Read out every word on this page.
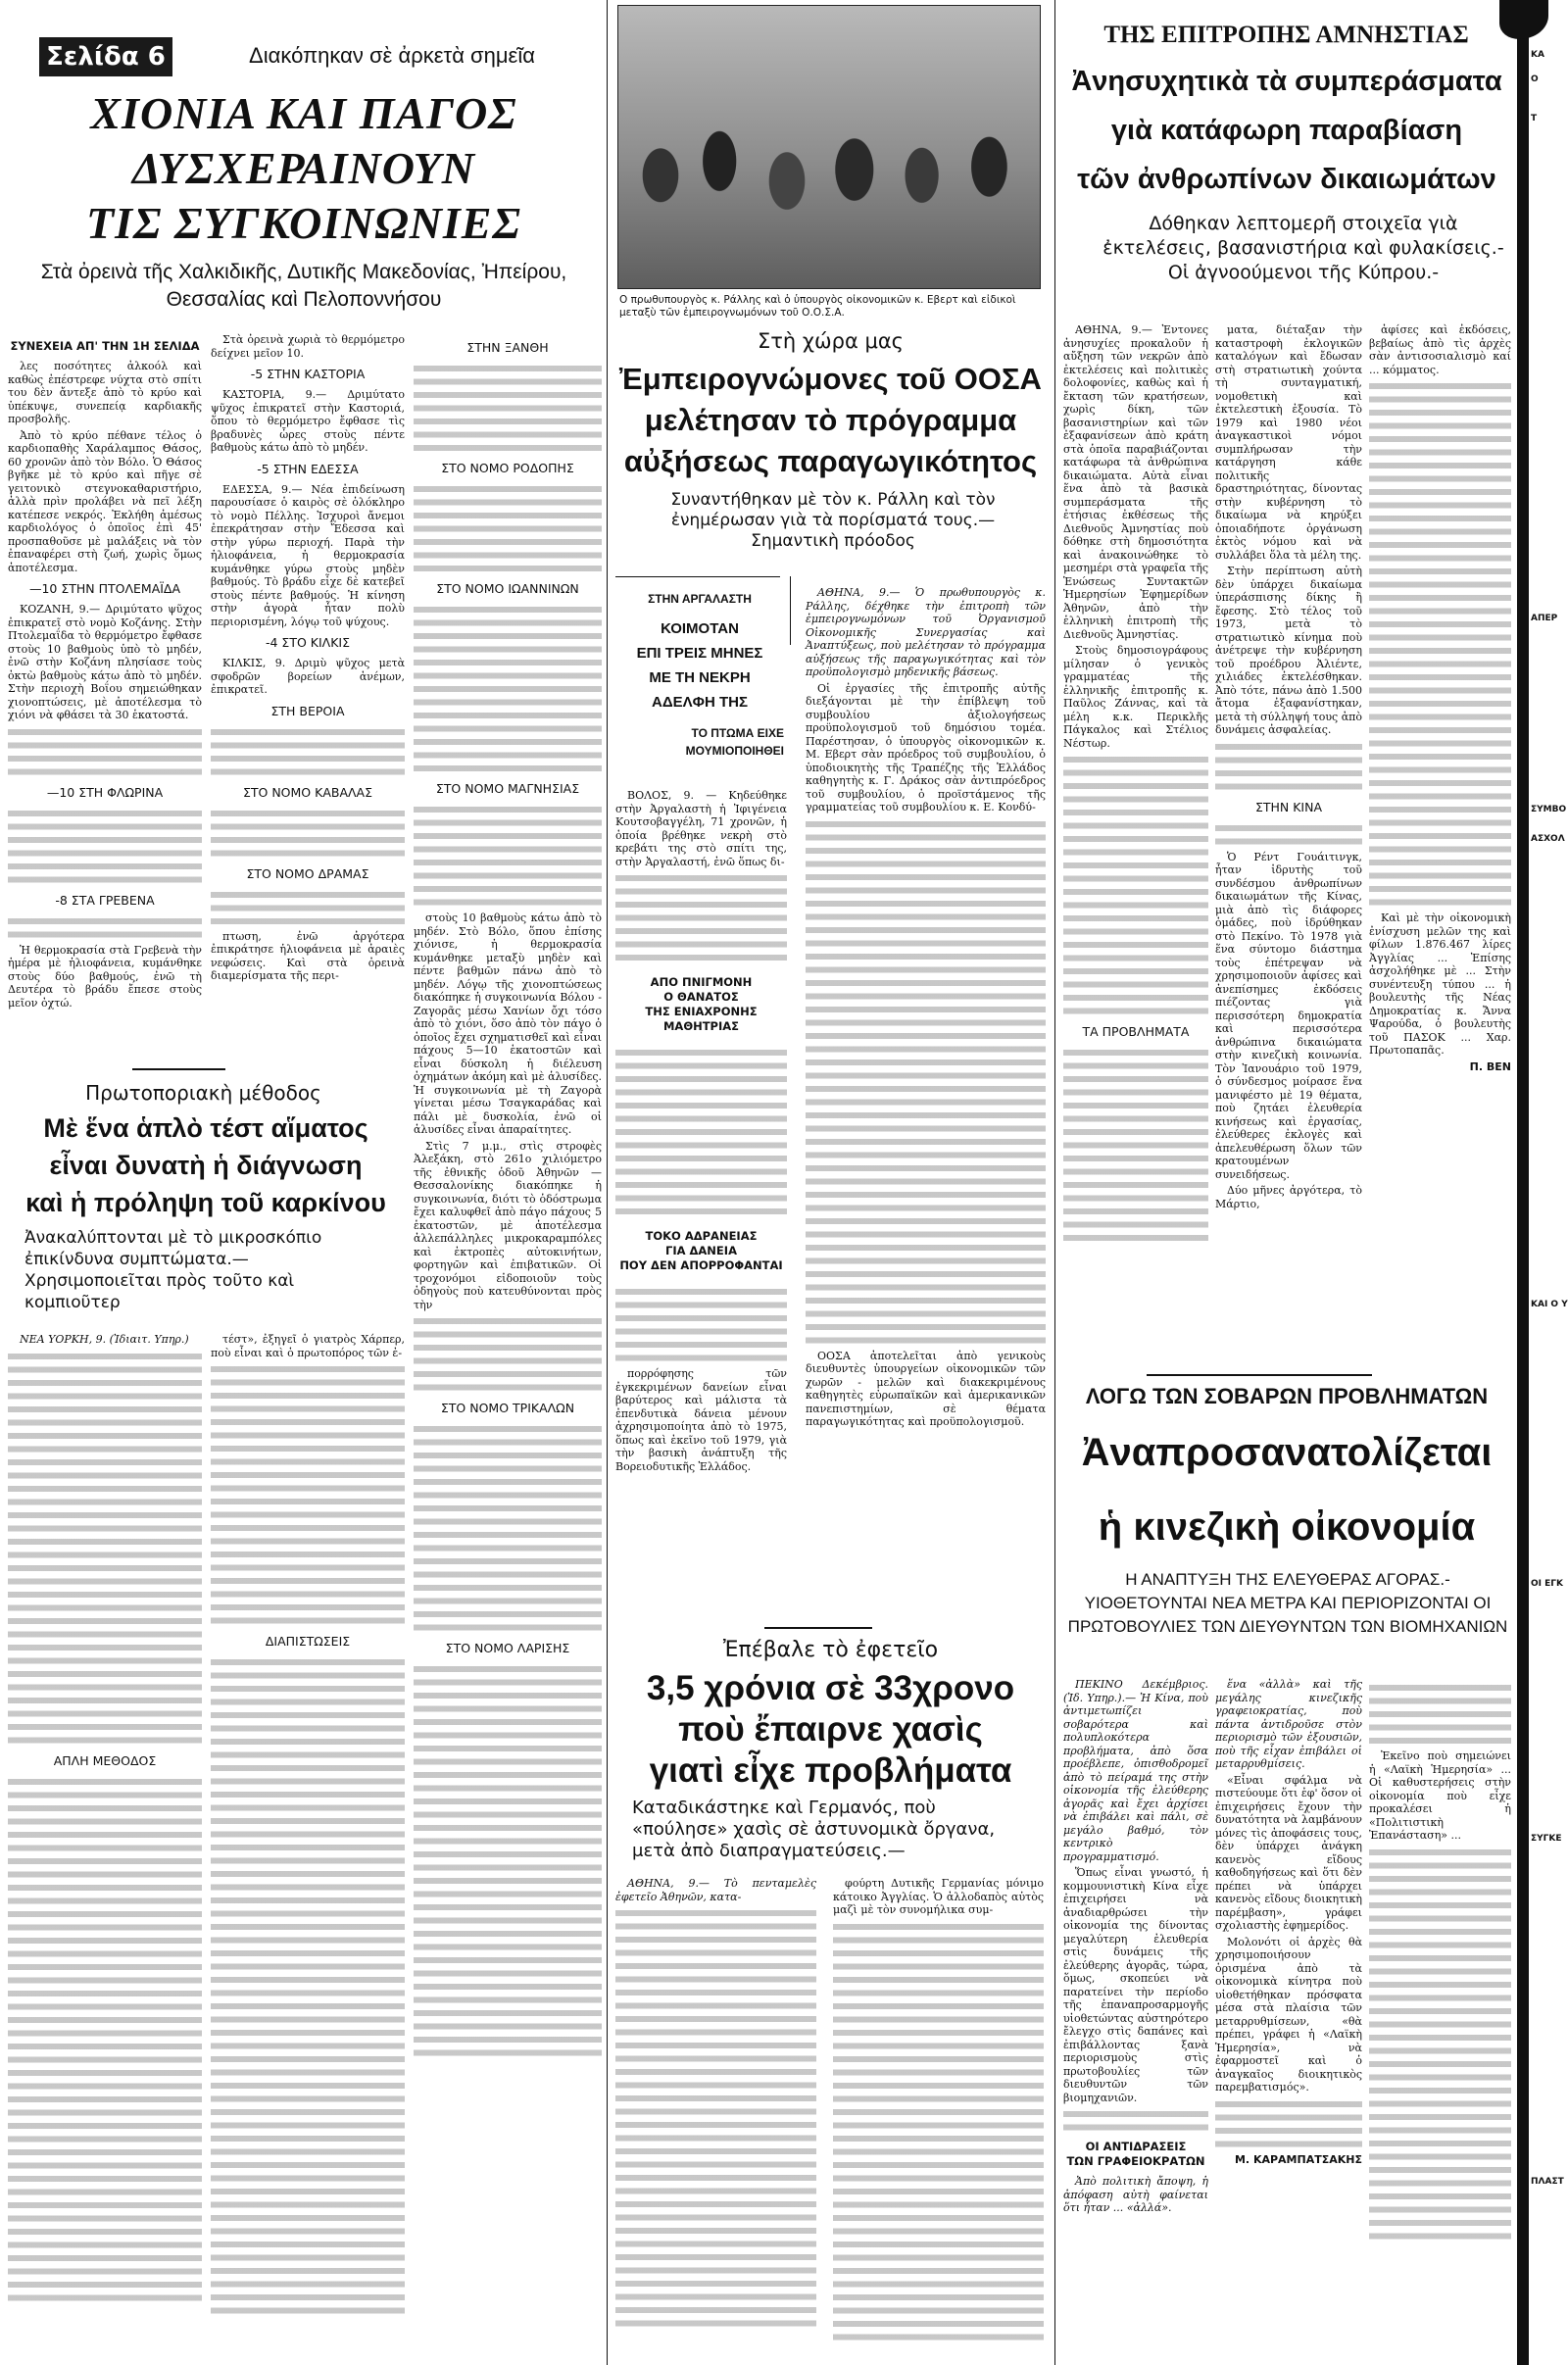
Σελίδα 6	Διακόπηκαν σὲ ἀρκετὰ σημεῖα
ΧΙΟΝΙΑ ΚΑΙ ΠΑΓΟΣ
ΔΥΣΧΕΡΑΙΝΟΥΝ
ΤΙΣ ΣΥΓΚΟΙΝΩΝΙΕΣ
Στὰ ὀρεινὰ τῆς Χαλκιδικῆς, Δυτικῆς Μακεδονίας, Ἠπείρου, Θεσσαλίας καὶ Πελοποννήσου

ΣΥΝΕΧΕΙΑ ΑΠ' ΤΗΝ 1Η ΣΕΛΙΔΑ

λες ποσότητες ἀλκοόλ καὶ καθὼς ἐπέστρεφε νύχτα στὸ σπίτι του δὲν ἄντεξε ἀπὸ τὸ κρύο καὶ ὑπέκυψε, συνεπείᾳ καρδιακῆς προσβολῆς.

Ἀπὸ τὸ κρύο πέθανε τέλος ὁ καρδιοπαθὴς Χαράλαμπος Θάσος, 60 χρονῶν ἀπὸ τὸν Βόλο. Ὁ Θάσος βγῆκε μὲ τὸ κρύο καὶ πῆγε σὲ γειτονικὸ στεγνοκαθαριστήριο, ἀλλὰ πρὶν προλάβει νὰ πεῖ λέξη κατέπεσε νεκρός. Ἐκλήθη ἀμέσως καρδιολόγος ὁ ὁποῖος ἐπὶ 45' προσπαθοῦσε μὲ μαλάξεις νὰ τὸν ἐπαναφέρει στὴ ζωή, χωρὶς ὅμως ἀποτέλεσμα.

—10 ΣΤΗΝ ΠΤΟΛΕΜΑΪΔΑ

ΚΟΖΑΝΗ, 9.— Δριμύτατο ψῦχος ἐπικρατεῖ στὸ νομὸ Κοζάνης. Στὴν Πτολεμαΐδα τὸ θερμόμετρο ἔφθασε στοὺς 10 βαθμοὺς ὑπὸ τὸ μηδέν, ἐνῶ στὴν Κοζάνη πλησίασε τοὺς ὀκτὼ βαθμοὺς κάτω ἀπὸ τὸ μηδέν. Στὴν περιοχὴ Βοΐου σημειώθηκαν χιονοπτώσεις, μὲ ἀποτέλεσμα τὸ χιόνι νὰ φθάσει τὰ 30 ἑκατοστά.

—10 ΣΤΗ ΦΛΩΡΙΝΑ

-8 ΣΤΑ ΓΡΕΒΕΝΑ

Ἡ θερμοκρασία στὰ Γρεβενὰ τὴν ἡμέρα μὲ ἡλιοφάνεια, κυμάνθηκε στοὺς δύο βαθμούς, ἐνῶ τὴ Δευτέρα τὸ βράδυ ἔπεσε στοὺς μεῖον ὀχτώ.

Στὰ ὀρεινὰ χωριὰ τὸ θερμόμετρο δείχνει μεῖον 10.

-5 ΣΤΗΝ ΚΑΣΤΟΡΙΑ

ΚΑΣΤΟΡΙΑ, 9.— Δριμύτατο ψῦχος ἐπικρατεῖ στὴν Καστοριά, ὅπου τὸ θερμόμετρο ἔφθασε τὶς βραδυνὲς ὧρες στοὺς πέντε βαθμοὺς κάτω ἀπὸ τὸ μηδέν.

-5 ΣΤΗΝ ΕΔΕΣΣΑ

ΕΔΕΣΣΑ, 9.— Νέα ἐπιδείνωση παρουσίασε ὁ καιρὸς σὲ ὁλόκληρο τὸ νομὸ Πέλλης. Ἰσχυροὶ ἄνεμοι ἐπεκράτησαν στὴν Ἔδεσσα καὶ στὴν γύρω περιοχή. Παρὰ τὴν ἡλιοφάνεια, ἡ θερμοκρασία κυμάνθηκε γύρω στοὺς μηδὲν βαθμούς. Τὸ βράδυ εἶχε δὲ κατεβεῖ στοὺς πέντε βαθμούς. Ἡ κίνηση στὴν ἀγορὰ ἦταν πολὺ περιορισμένη, λόγῳ τοῦ ψύχους.

-4 ΣΤΟ ΚΙΛΚΙΣ

ΚΙΛΚΙΣ, 9. Δριμὺ ψῦχος μετὰ σφοδρῶν βορείων ἀνέμων, ἐπικρατεῖ.

ΣΤΗ ΒΕΡΟΙΑ

ΣΤΟ ΝΟΜΟ ΚΑΒΑΛΑΣ

ΣΤΟ ΝΟΜΟ ΔΡΑΜΑΣ

πτωση, ἐνῶ ἀργότερα ἐπικράτησε ἡλιοφάνεια μὲ ἀραιὲς νεφώσεις. Καὶ στὰ ὀρεινὰ διαμερίσματα τῆς περι-

ΣΤΗΝ ΞΑΝΘΗ

ΣΤΟ ΝΟΜΟ ΡΟΔΟΠΗΣ

ΣΤΟ ΝΟΜΟ ΙΩΑΝΝΙΝΩΝ

ΣΤΟ ΝΟΜΟ ΜΑΓΝΗΣΙΑΣ

στοὺς 10 βαθμοὺς κάτω ἀπὸ τὸ μηδέν. Στὸ Βόλο, ὅπου ἐπίσης χιόνισε, ἡ θερμοκρασία κυμάνθηκε μεταξὺ μηδὲν καὶ πέντε βαθμῶν πάνω ἀπὸ τὸ μηδέν. Λόγῳ τῆς χιονοπτώσεως διακόπηκε ἡ συγκοινωνία Βόλου - Ζαγορᾶς μέσω Χανίων ὄχι τόσο ἀπὸ τὸ χιόνι, ὅσο ἀπὸ τὸν πάγο ὁ ὁποῖος ἔχει σχηματισθεῖ καὶ εἶναι πάχους 5—10 ἑκατοστῶν καὶ εἶναι δύσκολη ἡ διέλευση ὀχημάτων ἀκόμη καὶ μὲ ἁλυσίδες. Ἡ συγκοινωνία μὲ τὴ Ζαγορὰ γίνεται μέσω Τσαγκαράδας καὶ πάλι μὲ δυσκολία, ἐνῶ οἱ ἁλυσίδες εἶναι ἀπαραίτητες.

Στὶς 7 μ.μ., στὶς στροφὲς Ἀλεξάκη, στὸ 261ο χιλιόμετρο τῆς ἐθνικῆς ὁδοῦ Ἀθηνῶν — Θεσσαλονίκης διακόπηκε ἡ συγκοινωνία, διότι τὸ ὁδόστρωμα ἔχει καλυφθεῖ ἀπὸ πάγο πάχους 5 ἑκατοστῶν, μὲ ἀποτέλεσμα ἀλλεπάλληλες μικροκαραμπόλες καὶ ἐκτροπὲς αὐτοκινήτων, φορτηγῶν καὶ ἐπιβατικῶν. Οἱ τροχονόμοι εἰδοποιοῦν τοὺς ὁδηγοὺς ποὺ κατευθύνονται πρὸς τὴν

ΣΤΟ ΝΟΜΟ ΤΡΙΚΑΛΩΝ

ΣΤΟ ΝΟΜΟ ΛΑΡΙΣΗΣ

Πρωτοποριακὴ μέθοδος
Μὲ ἕνα ἁπλὸ τέστ αἵματος
εἶναι δυνατὴ ἡ διάγνωση
καὶ ἡ πρόληψη τοῦ καρκίνου
Ἀνακαλύπτονται μὲ τὸ μικροσκόπιο ἐπικίνδυνα συμπτώματα.— Χρησιμοποιεῖται πρὸς τοῦτο καὶ κομπιοῦτερ

ΝΕΑ ΥΟΡΚΗ, 9. (Ἰδιαιτ. Υπηρ.)

ΑΠΛΗ ΜΕΘΟΔΟΣ

τέστ», ἐξηγεῖ ὁ γιατρὸς Χάρπερ, ποὺ εἶναι καὶ ὁ πρωτοπόρος τῶν ἐ-

ΔΙΑΠΙΣΤΩΣΕΙΣ

Ο πρωθυπουργὸς κ. Ράλλης καὶ ὁ ὑπουργὸς οἰκονομικῶν κ. Εβερτ καὶ εἰδικοὶ μεταξὺ τῶν ἐμπειρογνωμόνων τοῦ Ο.Ο.Σ.Α.
Στὴ χώρα μας
Ἐμπειρογνώμονες τοῦ ΟΟΣΑ
μελέτησαν τὸ πρόγραμμα
αὐξήσεως παραγωγικότητος
Συναντήθηκαν μὲ τὸν κ. Ράλλη καὶ τὸν ἐνημέρωσαν γιὰ τὰ πορίσματά τους.— Σημαντικὴ πρόοδος
ΣΤΗΝ ΑΡΓΑΛΑΣΤΗ
ΚΟΙΜΟΤΑΝ
ΕΠΙ ΤΡΕΙΣ ΜΗΝΕΣ
ΜΕ ΤΗ ΝΕΚΡΗ
ΑΔΕΛΦΗ ΤΗΣ
ΤΟ ΠΤΩΜΑ ΕΙΧΕ
ΜΟΥΜΙΟΠΟΙΗΘΕΙ

ΒΟΛΟΣ, 9. — Κηδεύθηκε στὴν Ἀργαλαστὴ ἡ Ἰφιγένεια Κουτσοβαγγέλη, 71 χρονῶν, ἡ ὁποία βρέθηκε νεκρὴ στὸ κρεβάτι της στὸ σπίτι της, στὴν Ἀργαλαστή, ἐνῶ ὅπως δι-

ΑΠΟ ΠΝΙΓΜΟΝΗ
Ο ΘΑΝΑΤΟΣ
ΤΗΣ ΕΝΙΑΧΡΟΝΗΣ
ΜΑΘΗΤΡΙΑΣ
ΤΟΚΟ ΑΔΡΑΝΕΙΑΣ
ΓΙΑ ΔΑΝΕΙΑ
ΠΟΥ ΔΕΝ ΑΠΟΡΡΟΦΑΝΤΑΙ

πορρόφησης τῶν ἐγκεκριμένων δανείων εἶναι βαρύτερος καὶ μάλιστα τὰ ἐπενδυτικὰ δάνεια μένουν ἀχρησιμοποίητα ἀπὸ τὸ 1975, ὅπως καὶ ἐκεῖνο τοῦ 1979, γιὰ τὴν βασικὴ ἀνάπτυξη τῆς Βορειοδυτικῆς Ἑλλάδος.

ΑΘΗΝΑ, 9.— Ὁ πρωθυπουργὸς κ. Ράλλης, δέχθηκε τὴν ἐπιτροπὴ τῶν ἐμπειρογνωμόνων τοῦ Ὀργανισμοῦ Οἰκονομικῆς Συνεργασίας καὶ Ἀναπτύξεως, ποὺ μελέτησαν τὸ πρόγραμμα αὐξήσεως τῆς παραγωγικότητας καὶ τὸν προϋπολογισμὸ μηδενικῆς βάσεως.

Οἱ ἐργασίες τῆς ἐπιτροπῆς αὐτῆς διεξάγονται μὲ τὴν ἐπίβλεψη τοῦ συμβουλίου ἀξιολογήσεως προϋπολογισμοῦ τοῦ δημόσιου τομέα. Παρέστησαν, ὁ ὑπουργὸς οἰκονομικῶν κ. Μ. Εβερτ σὰν πρόεδρος τοῦ συμβουλίου, ὁ ὑποδιοικητὴς τῆς Τραπέζης τῆς Ἑλλάδος καθηγητὴς κ. Γ. Δράκος σὰν ἀντιπρόεδρος τοῦ συμβουλίου, ὁ προϊστάμενος τῆς γραμματείας τοῦ συμβουλίου κ. Ε. Κονδύ-

ΟΟΣΑ ἀποτελεῖται ἀπὸ γενικοὺς διευθυντὲς ὑπουργείων οἰκονομικῶν τῶν χωρῶν - μελῶν καὶ διακεκριμένους καθηγητὲς εὐρωπαϊκῶν καὶ ἀμερικανικῶν πανεπιστημίων, σὲ θέματα παραγωγικότητας καὶ προϋπολογισμοῦ.

Ἐπέβαλε τὸ ἐφετεῖο
3,5 χρόνια σὲ 33χρονο
ποὺ ἔπαιρνε χασὶς
γιατὶ εἶχε προβλήματα
Καταδικάστηκε καὶ Γερμανός, ποὺ «πούλησε» χασὶς σὲ ἀστυνομικὰ ὄργανα, μετὰ ἀπὸ διαπραγματεύσεις.—

ΑΘΗΝΑ, 9.— Τὸ πενταμελὲς ἐφετεῖο Ἀθηνῶν, κατα-

φούρτη Δυτικῆς Γερμανίας μόνιμο κάτοικο Ἀγγλίας. Ὁ ἀλλοδαπὸς αὐτὸς μαζὶ μὲ τὸν συνομήλικα συμ-

ΤΗΣ ΕΠΙΤΡΟΠΗΣ ΑΜΝΗΣΤΙΑΣ
Ἀνησυχητικὰ τὰ συμπεράσματα
γιὰ κατάφωρη παραβίαση
τῶν ἀνθρωπίνων δικαιωμάτων
Δόθηκαν λεπτομερῆ στοιχεῖα γιὰ ἐκτελέσεις, βασανιστήρια καὶ φυλακίσεις.- Οἱ ἀγνοούμενοι τῆς Κύπρου.-

ΑΘΗΝΑ, 9.— Ἐντονες ἀνησυχίες προκαλοῦν ἡ αὔξηση τῶν νεκρῶν ἀπὸ ἐκτελέσεις καὶ πολιτικὲς δολοφονίες, καθὼς καὶ ἡ ἔκταση τῶν κρατήσεων, χωρὶς δίκη, τῶν βασανιστηρίων καὶ τῶν ἐξαφανίσεων ἀπὸ κράτη στὰ ὁποῖα παραβιάζονται κατάφωρα τὰ ἀνθρώπινα δικαιώματα. Αὐτὰ εἶναι ἕνα ἀπὸ τὰ βασικὰ συμπεράσματα τῆς ἐτήσιας ἐκθέσεως τῆς Διεθνοῦς Ἀμνηστίας ποὺ δόθηκε στὴ δημοσιότητα καὶ ἀνακοινώθηκε τὸ μεσημέρι στὰ γραφεῖα τῆς Ἑνώσεως Συντακτῶν Ἡμερησίων Ἐφημερίδων Ἀθηνῶν, ἀπὸ τὴν ἑλληνικὴ ἐπιτροπὴ τῆς Διεθνοῦς Ἀμνηστίας.

Στοὺς δημοσιογράφους μίλησαν ὁ γενικὸς γραμματέας τῆς ἑλληνικῆς ἐπιτροπῆς κ. Παῦλος Ζάννας, καὶ τὰ μέλη κ.κ. Περικλῆς Πάγκαλος καὶ Στέλιος Νέστωρ.

ΤΑ ΠΡΟΒΛΗΜΑΤΑ

ματα, διέταξαν τὴν καταστροφὴ ἐκλογικῶν καταλόγων καὶ ἔδωσαν στὴ στρατιωτικὴ χούντα τὴ συνταγματική, νομοθετικὴ καὶ ἐκτελεστικὴ ἐξουσία. Τὸ 1979 καὶ 1980 νέοι ἀναγκαστικοὶ νόμοι συμπλήρωσαν τὴν κατάργηση κάθε πολιτικῆς δραστηριότητας, δίνοντας στὴν κυβέρνηση τὸ δικαίωμα νὰ κηρύξει ὁποιαδήποτε ὀργάνωση ἐκτὸς νόμου καὶ νὰ συλλάβει ὅλα τὰ μέλη της.

Στὴν περίπτωση αὐτὴ δὲν ὑπάρχει δικαίωμα ὑπεράσπισης δίκης ἢ ἔφεσης. Στὸ τέλος τοῦ 1973, μετὰ τὸ στρατιωτικὸ κίνημα ποὺ ἀνέτρεψε τὴν κυβέρνηση τοῦ προέδρου Ἀλιέντε, χιλιάδες ἐκτελέσθηκαν. Ἀπὸ τότε, πάνω ἀπὸ 1.500 ἄτομα ἐξαφανίστηκαν, μετὰ τὴ σύλληψή τους ἀπὸ δυνάμεις ἀσφαλείας.

ΣΤΗΝ ΚΙΝΑ

Ὁ Ρέντ Γουάιτινγκ, ἦταν ἱδρυτὴς τοῦ συνδέσμου ἀνθρωπίνων δικαιωμάτων τῆς Κίνας, μιὰ ἀπὸ τὶς διάφορες ὁμάδες, ποὺ ἱδρύθηκαν στὸ Πεκίνο. Τὸ 1978 γιὰ ἕνα σύντομο διάστημα τοὺς ἐπέτρεψαν νὰ χρησιμοποιοῦν ἀφίσες καὶ ἀνεπίσημες ἐκδόσεις πιέζοντας γιὰ περισσότερη δημοκρατία καὶ περισσότερα ἀνθρώπινα δικαιώματα στὴν κινεζικὴ κοινωνία. Τὸν Ἰανουάριο τοῦ 1979, ὁ σύνδεσμος μοίρασε ἕνα μανιφέστο μὲ 19 θέματα, ποὺ ζητάει ἐλευθερία κινήσεως καὶ ἐργασίας, ἐλεύθερες ἐκλογὲς καὶ ἀπελευθέρωση ὅλων τῶν κρατουμένων συνειδήσεως.

Δύο μῆνες ἀργότερα, τὸ Μάρτιο,

ἀφίσες καὶ ἐκδόσεις, βεβαίως ἀπὸ τὶς ἀρχὲς σὰν ἀντισοσιαλισμὸ καί ... κόμματος.

Καὶ μὲ τὴν οἰκονομικὴ ἐνίσχυση μελῶν της καὶ φίλων 1.876.467 λίρες Ἀγγλίας ... Ἐπίσης ἀσχολήθηκε μὲ ... Στὴν συνέντευξη τύπου ... ἡ βουλευτὴς τῆς Νέας Δημοκρατίας κ. Ἄννα Ψαρούδα, ὁ βουλευτὴς τοῦ ΠΑΣΟΚ ... Χαρ. Πρωτοπαπᾶς.

Π. ΒΕΝ
ΛΟΓΩ ΤΩΝ ΣΟΒΑΡΩΝ ΠΡΟΒΛΗΜΑΤΩΝ
Ἀναπροσανατολίζεται
ἡ κινεζικὴ οἰκονομία
Η ΑΝΑΠΤΥΞΗ ΤΗΣ ΕΛΕΥΘΕΡΑΣ ΑΓΟΡΑΣ.- ΥΙΟΘΕΤΟΥΝΤΑΙ ΝΕΑ ΜΕΤΡΑ ΚΑΙ ΠΕΡΙΟΡΙΖΟΝΤΑΙ ΟΙ ΠΡΩΤΟΒΟΥΛΙΕΣ ΤΩΝ ΔΙΕΥΘΥΝΤΩΝ ΤΩΝ ΒΙΟΜΗΧΑΝΙΩΝ

ΠΕΚΙΝΟ Δεκέμβριος. (Ἰδ. Υπηρ.).— Ἡ Κίνα, ποὺ ἀντιμετωπίζει σοβαρότερα καὶ πολυπλοκότερα προβλήματα, ἀπὸ ὅσα προέβλεπε, ὀπισθοδρομεῖ ἀπὸ τὸ πείραμά της στὴν οἰκονομία τῆς ἐλεύθερης ἀγορᾶς καὶ ἔχει ἀρχίσει νὰ ἐπιβάλει καὶ πάλι, σὲ μεγάλο βαθμό, τὸν κεντρικὸ προγραμματισμό.

Ὅπως εἶναι γνωστό, ἡ κομμουνιστικὴ Κίνα εἶχε ἐπιχειρήσει νὰ ἀναδιαρθρώσει τὴν οἰκονομία της δίνοντας μεγαλύτερη ἐλευθερία στὶς δυνάμεις τῆς ἐλεύθερης ἀγορᾶς, τώρα, ὅμως, σκοπεύει νὰ παρατείνει τὴν περίοδο τῆς ἐπαναπροσαρμογῆς υἱοθετώντας αὐστηρότερο ἔλεγχο στὶς δαπάνες καὶ ἐπιβάλλοντας ξανὰ περιορισμοὺς στὶς πρωτοβουλίες τῶν διευθυντῶν τῶν βιομηχανιῶν.

ΟΙ ΑΝΤΙΔΡΑΣΕΙΣ
ΤΩΝ ΓΡΑΦΕΙΟΚΡΑΤΩΝ

Ἀπὸ πολιτικὴ ἄποψη, ἡ ἀπόφαση αὐτὴ φαίνεται ὅτι ἦταν ... «ἀλλά».

ἕνα «ἀλλὰ» καὶ τῆς μεγάλης κινεζικῆς γραφειοκρατίας, ποὺ πάντα ἀντιδροῦσε στὸν περιορισμὸ τῶν ἐξουσιῶν, ποὺ τῆς εἶχαν ἐπιβάλει οἱ μεταρρυθμίσεις.

«Εἶναι σφάλμα νὰ πιστεύουμε ὅτι ἐφ' ὅσον οἱ ἐπιχειρήσεις ἔχουν τὴν δυνατότητα νὰ λαμβάνουν μόνες τὶς ἀποφάσεις τους, δὲν ὑπάρχει ἀνάγκη κανενὸς εἴδους καθοδηγήσεως καὶ ὅτι δὲν πρέπει νὰ ὑπάρχει κανενὸς εἴδους διοικητικὴ παρέμβαση», γράφει σχολιαστὴς ἐφημερίδος.

Μολονότι οἱ ἀρχὲς θὰ χρησιμοποιήσουν ὁρισμένα ἀπὸ τὰ οἰκονομικὰ κίνητρα ποὺ υἱοθετήθηκαν πρόσφατα μέσα στὰ πλαίσια τῶν μεταρρυθμίσεων, «θὰ πρέπει, γράφει ἡ «Λαϊκὴ Ἡμερησία», νὰ ἐφαρμοστεῖ καὶ ὁ ἀναγκαῖος διοικητικὸς παρεμβατισμός».

Μ. ΚΑΡΑΜΠΑΤΣΑΚΗΣ

Ἐκεῖνο ποὺ σημειώνει ἡ «Λαϊκὴ Ἡμερησία» ... Οἱ καθυστερήσεις στὴν οἰκονομία ποὺ εἶχε προκαλέσει ἡ «Πολιτιστικὴ Ἐπανάσταση» ...

ΚΑ
Ο
Τ
ΑΠΕΡ
ΣΥΜΒΟ
ΑΣΧΟΛ
ΚΑΙ Ο Υ
ΟΙ ΕΓΚ
ΣΥΓΚΕ
ΠΛΑΣΤ
